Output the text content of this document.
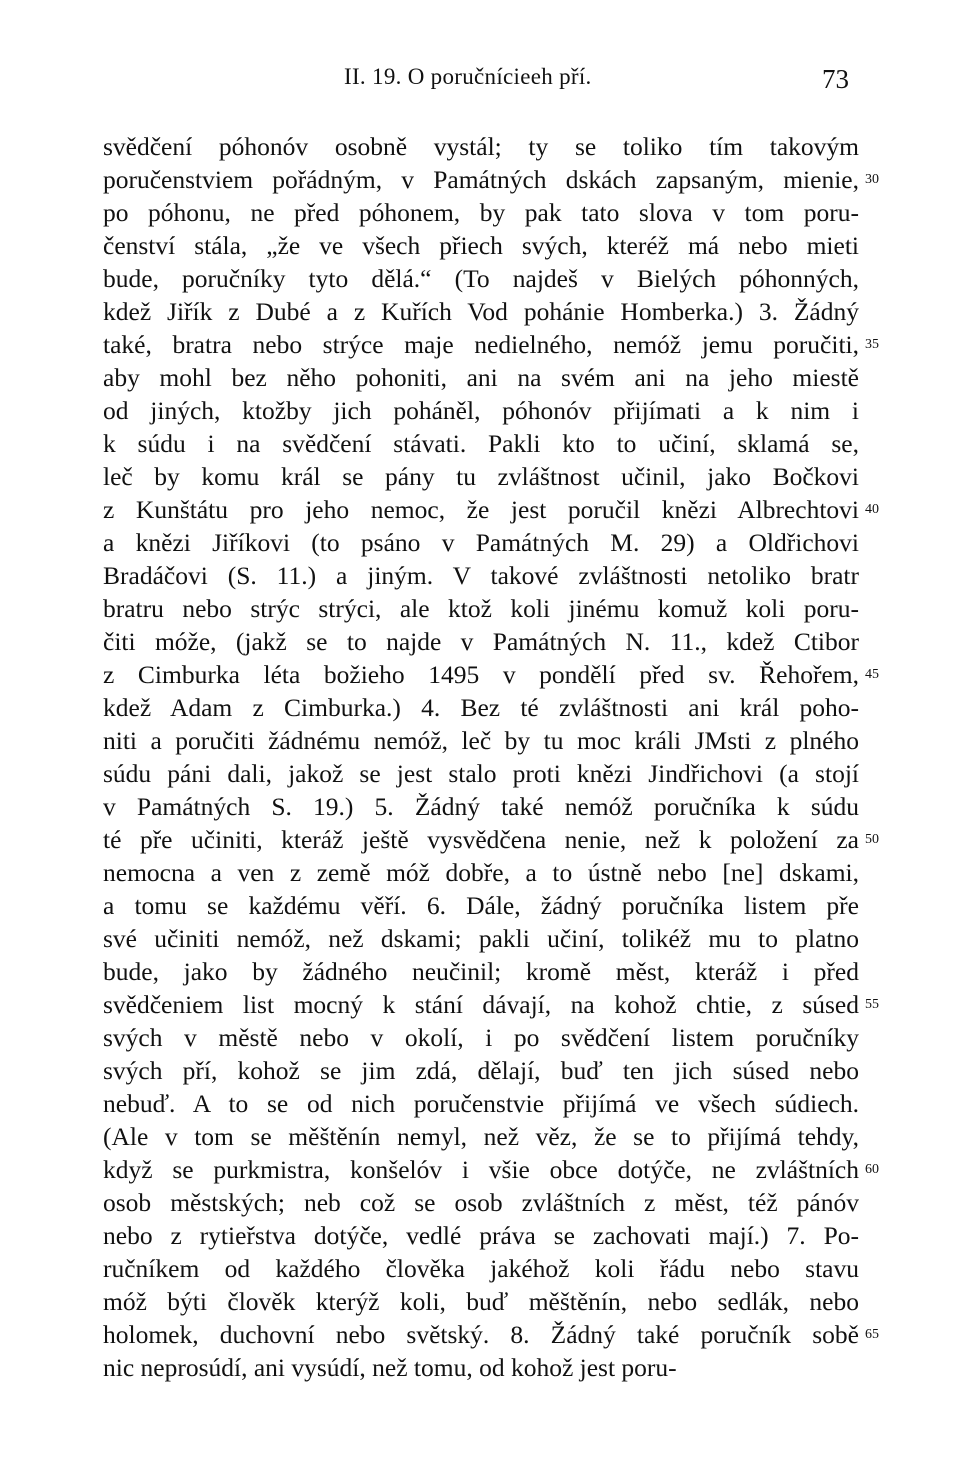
II. 19. O poručnícieeh pří.	73
svědčení póhonóv osobně vystál; ty se toliko tím takovým
poručenstviem pořádným, v Památných dskách zapsaným, mienie,
po póhonu, ne před póhonem, by pak tato slova v tom poru-
čenství stála, „že ve všech přiech svých, kteréž má nebo mieti
bude, poručníky tyto dělá.“ (To najdeš v Bielých póhonných,
kdež Jiřík z Dubé a z Kuřích Vod pohánie Homberka.) 3. Žádný
také, bratra nebo strýce maje nedielného, nemóž jemu poručiti,
aby mohl bez něho pohoniti, ani na svém ani na jeho miestě
od jiných, ktožby jich poháněl, póhonóv přijímati a k nim i
k súdu i na svědčení stávati. Pakli kto to učiní, sklamá se,
leč by komu král se pány tu zvláštnost učinil, jako Bočkovi
z Kunštátu pro jeho nemoc, že jest poručil knězi Albrechtovi
a knězi Jiříkovi (to psáno v Památných M. 29) a Oldřichovi
Bradáčovi (S. 11.) a jiným. V takové zvláštnosti netoliko bratr
bratru nebo strýc strýci, ale ktož koli jinému komuž koli poru-
čiti móže, (jakž se to najde v Památných N. 11., kdež Ctibor
z Cimburka léta božieho 1495 v pondělí před sv. Řehořem,
kdež Adam z Cimburka.) 4. Bez té zvláštnosti ani král poho-
niti a poručiti žádnému nemóž, leč by tu moc králi JMsti z plného
súdu páni dali, jakož se jest stalo proti knězi Jindřichovi (a stojí
v Památných S. 19.) 5. Žádný také nemóž poručníka k súdu
té pře učiniti, kteráž ještě vysvědčena nenie, než k položení za
nemocna a ven z země móž dobře, a to ústně nebo [ne] dskami,
a tomu se každému věří. 6. Dále, žádný poručníka listem pře
své učiniti nemóž, než dskami; pakli učiní, tolikéž mu to platno
bude, jako by žádného neučinil; kromě měst, kteráž i před
svědčeniem list mocný k stání dávají, na kohož chtie, z súsed
svých v městě nebo v okolí, i po svědčení listem poručníky
svých pří, kohož se jim zdá, dělají, buď ten jich súsed nebo
nebuď. A to se od nich poručenstvie přijímá ve všech súdiech.
(Ale v tom se měštěnín nemyl, než věz, že se to přijímá tehdy,
když se purkmistra, konšelóv i všie obce dotýče, ne zvláštních
osob městských; neb což se osob zvláštních z měst, též pánóv
nebo z rytieřstva dotýče, vedlé práva se zachovati mají.) 7. Po-
ručníkem od každého člověka jakéhož koli řádu nebo stavu
móž býti člověk kterýž koli, buď měštěnín, nebo sedlák, nebo
holomek, duchovní nebo světský. 8. Žádný také poručník sobě
nic neprosúdí, ani vysúdí, než tomu, od kohož jest poru-
30
35
40
45
50
55
60
65
